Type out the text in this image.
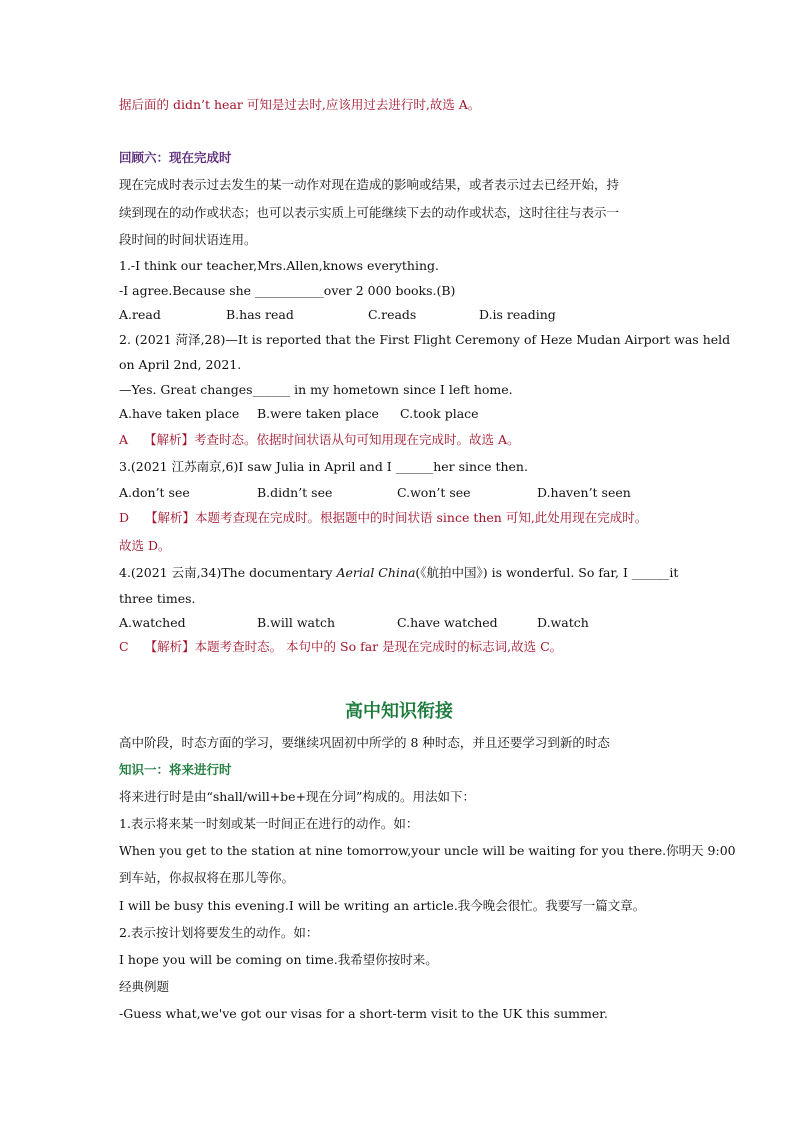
据后面的 didn’t hear 可知是过去时,应该用过去进行时,故选 A。
回顾六：现在完成时
现在完成时表示过去发生的某一动作对现在造成的影响或结果，或者表示过去已经开始，持
续到现在的动作或状态；也可以表示实质上可能继续下去的动作或状态，这时往往与表示一
段时间的时间状语连用。
1.-I think our teacher,Mrs.Allen,knows everything.
-I agree.Because she ___________over 2 000 books.(B)
A.read	B.has read	C.reads	D.is reading
2. (2021 菏泽,28)—It is reported that the First Flight Ceremony of Heze Mudan Airport was held
on April 2nd, 2021.
—Yes. Great changes______ in my hometown since I left home.
A.have taken place B.were taken place C.took place
A 【解析】考查时态。依据时间状语从句可知用现在完成时。故选 A。
3.(2021 江苏南京,6)I saw Julia in April and I ______her since then.
A.don’t see	B.didn’t see	C.won’t see	D.haven’t seen
D 【解析】本题考查现在完成时。根据题中的时间状语 since then 可知,此处用现在完成时。
故选 D。
4.(2021 云南,34)The documentary Aerial China(《航拍中国》) is wonderful. So far, I ______it
three times.
A.watched	B.will watch	C.have watched	D.watch
C 【解析】本题考查时态。 本句中的 So far 是现在完成时的标志词,故选 C。
高中知识衔接
高中阶段，时态方面的学习，要继续巩固初中所学的 8 种时态，并且还要学习到新的时态
知识一：将来进行时
将来进行时是由“shall/will+be+现在分词”构成的。用法如下：
1.表示将来某一时刻或某一时间正在进行的动作。如：
When you get to the station at nine tomorrow,your uncle will be waiting for you there.你明天 9:00
到车站，你叔叔将在那儿等你。
I will be busy this evening.I will be writing an article.我今晚会很忙。我要写一篇文章。
2.表示按计划将要发生的动作。如：
I hope you will be coming on time.我希望你按时来。
经典例题
-Guess what,we've got our visas for a short-term visit to the UK this summer.
